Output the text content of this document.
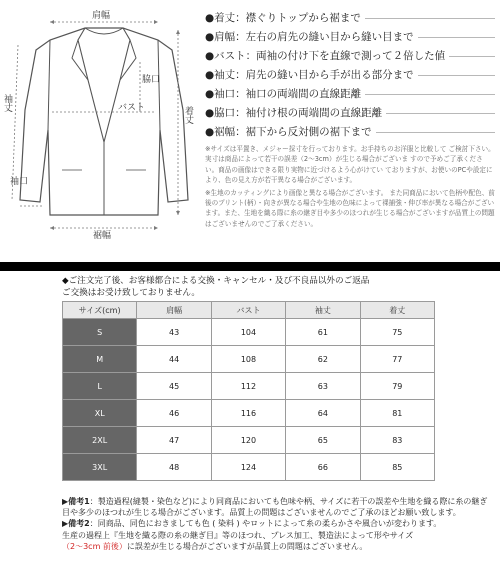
肩幅
袖丈
脇口
バスト	着丈
袖口
裾幅
●着丈：襟ぐりトップから裾まで
●肩幅：左右の肩先の縫い目から縫い目まで
●バスト：両袖の付け下を直線で測って２倍した値
●袖丈：肩先の縫い目から手が出る部分まで
●袖口：袖口の両端間の直線距離
●脇口：袖付け根の両端間の直線距離
●裾幅：裾下から反対側の裾下まで

※サイズは平置き、メジャー採寸を行っております。お手持ちのお洋服と比較して ご検討下さい。実寸は商品によって若干の誤差（2～3cm）が生じる場合がございま すので予めご了承ください。商品の画像はできる限り実物に近づけるよう心がけてい ておりますが、お使いのPCや設定により、色の見え方が若干異なる場合がございます。

※生地のカッティングにより画像と異なる場合がございます。 また同商品において色柄や配色、前後のプリント(柄）・向きが異なる場合や生地の色味によって裸捕強・伸び率が異なる場合がございます。また、生地を織る際に糸の継ぎ目や多少のほつれが生じる場合がございますが品質上の問題はございませんのでご了承ください。

◆ご注文完了後、お客様都合による交換・キャンセル・及び不良品以外のご返品
ご交換はお受け致しておりません。
サイズ(cm)	肩幅	バスト	袖丈	着丈
S	43	104	61	75
M	44	108	62	77
L	45	112	63	79
XL	46	116	64	81
2XL	47	120	65	83
3XL	48	124	66	85
▶備考1：製造過程(縫製・染色など)により同商品においても色味や柄、サイズに若干の誤差や生地を織る際に糸の継ぎ
目や多少のほつれが生じる場合がございます。品質上の問題はございませんのでご了承のほどお願い致します。
▶備考2：同商品、同色におきましても色 ( 染料 ) やロットによって糸の柔らかさや風合いが変わります。
生産の過程上『生地を織る際の糸の継ぎ目』等のほつれ、プレス加工、製造法によって形やサイズ
（2～3cm 前後）に誤差が生じる場合がございますが品質上の問題はございません。
